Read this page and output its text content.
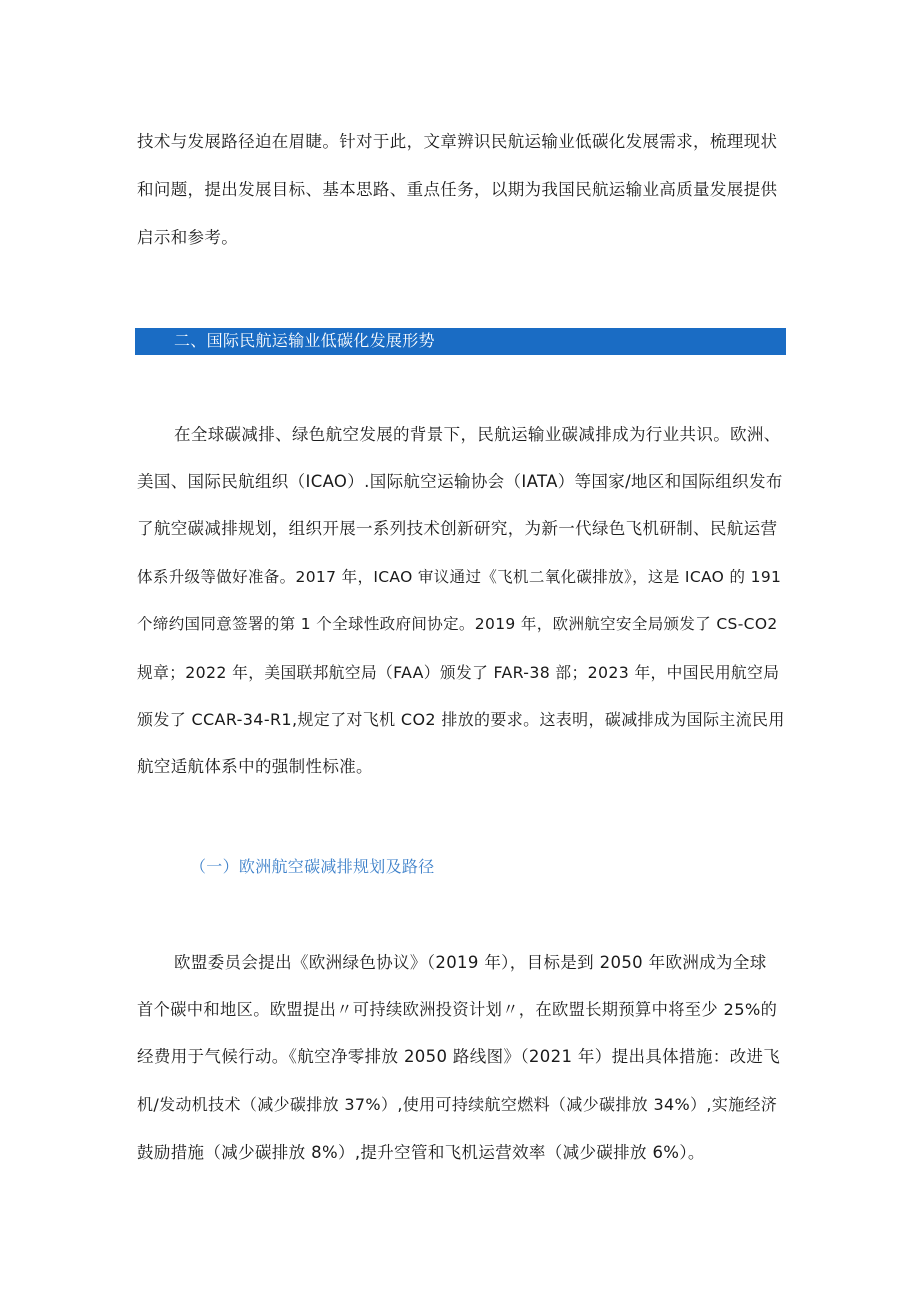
技术与发展路径迫在眉睫。针对于此，文章辨识民航运输业低碳化发展需求，梳理现状
和问题，提出发展目标、基本思路、重点任务，以期为我国民航运输业高质量发展提供
启示和参考。
二、国际民航运输业低碳化发展形势
在全球碳减排、绿色航空发展的背景下，民航运输业碳减排成为行业共识。欧洲、
美国、国际民航组织（ICAO）.国际航空运输协会（IATA）等国家/地区和国际组织发布
了航空碳减排规划，组织开展一系列技术创新研究，为新一代绿色飞机研制、民航运营
体系升级等做好准备。2017 年，ICAO 审议通过《飞机二氧化碳排放》，这是 ICAO 的 191
个缔约国同意签署的第 1 个全球性政府间协定。2019 年，欧洲航空安全局颁发了 CS-CO2
规章；2022 年，美国联邦航空局（FAA）颁发了 FAR-38 部；2023 年，中国民用航空局
颁发了 CCAR-34-R1,规定了对飞机 CO2 排放的要求。这表明，碳减排成为国际主流民用
航空适航体系中的强制性标准。
（一）欧洲航空碳减排规划及路径
欧盟委员会提出《欧洲绿色协议》（2019 年），目标是到 2050 年欧洲成为全球
首个碳中和地区。欧盟提出〃可持续欧洲投资计划〃，在欧盟长期预算中将至少 25%的
经费用于气候行动。《航空净零排放 2050 路线图》（2021 年）提出具体措施：改进飞
机/发动机技术（减少碳排放 37%）,使用可持续航空燃料（减少碳排放 34%）,实施经济
鼓励措施（减少碳排放 8%）,提升空管和飞机运营效率（减少碳排放 6%）。
